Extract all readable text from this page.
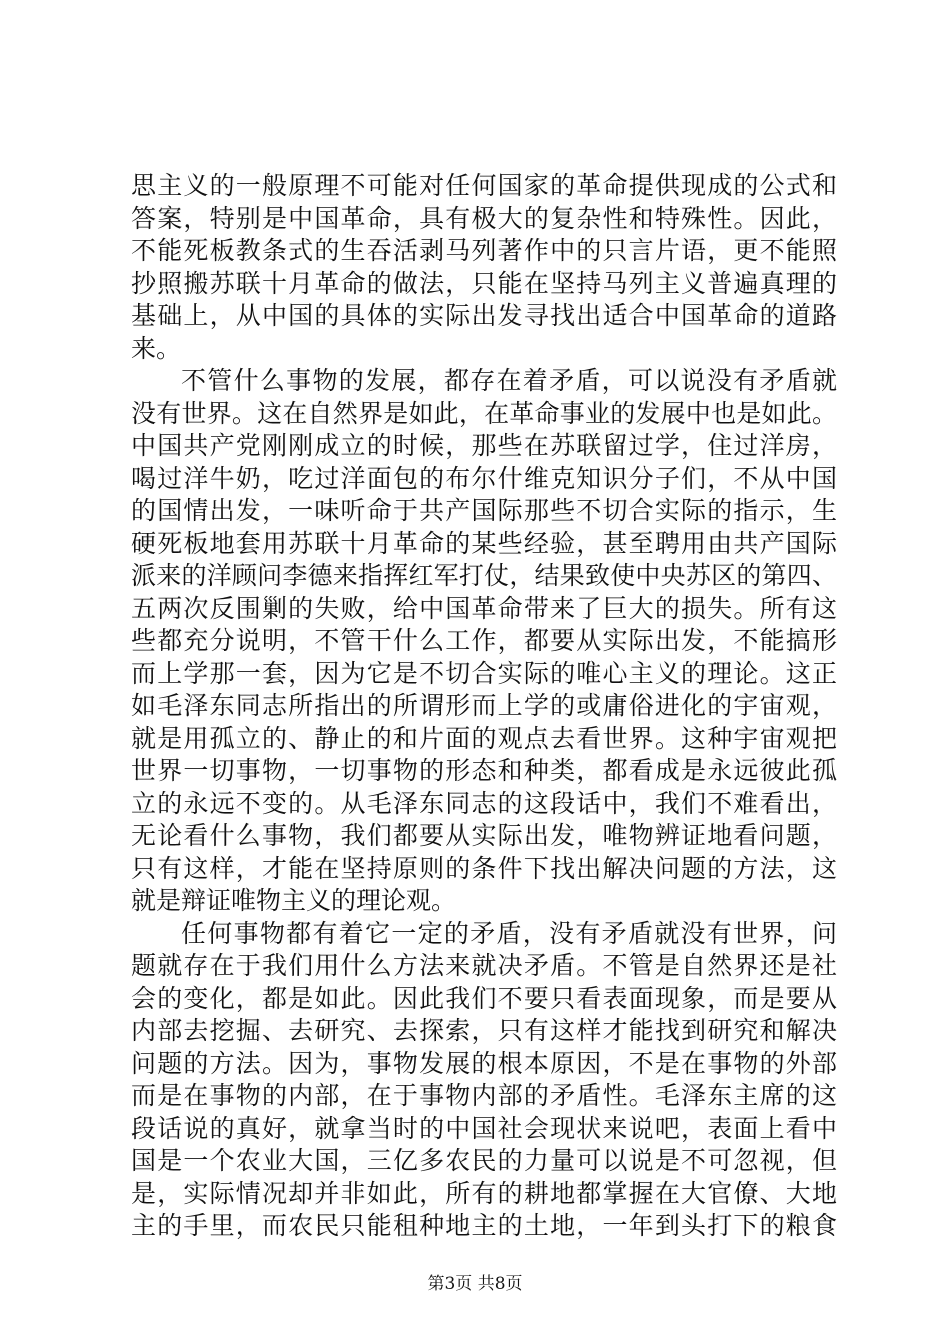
思主义的一般原理不可能对任何国家的革命提供现成的公式和
答案，特别是中国革命，具有极大的复杂性和特殊性。因此，
不能死板教条式的生吞活剥马列著作中的只言片语，更不能照
抄照搬苏联十月革命的做法，只能在坚持马列主义普遍真理的
基础上，从中国的具体的实际出发寻找出适合中国革命的道路
来。
不管什么事物的发展，都存在着矛盾，可以说没有矛盾就
没有世界。这在自然界是如此，在革命事业的发展中也是如此。
中国共产党刚刚成立的时候，那些在苏联留过学，住过洋房，
喝过洋牛奶，吃过洋面包的布尔什维克知识分子们，不从中国
的国情出发，一味听命于共产国际那些不切合实际的指示，生
硬死板地套用苏联十月革命的某些经验，甚至聘用由共产国际
派来的洋顾问李德来指挥红军打仗，结果致使中央苏区的第四、
五两次反围剿的失败，给中国革命带来了巨大的损失。所有这
些都充分说明，不管干什么工作，都要从实际出发，不能搞形
而上学那一套，因为它是不切合实际的唯心主义的理论。这正
如毛泽东同志所指出的所谓形而上学的或庸俗进化的宇宙观，
就是用孤立的、静止的和片面的观点去看世界。这种宇宙观把
世界一切事物，一切事物的形态和种类，都看成是永远彼此孤
立的永远不变的。从毛泽东同志的这段话中，我们不难看出，
无论看什么事物，我们都要从实际出发，唯物辨证地看问题，
只有这样，才能在坚持原则的条件下找出解决问题的方法，这
就是辩证唯物主义的理论观。
任何事物都有着它一定的矛盾，没有矛盾就没有世界，问
题就存在于我们用什么方法来就决矛盾。不管是自然界还是社
会的变化，都是如此。因此我们不要只看表面现象，而是要从
内部去挖掘、去研究、去探索，只有这样才能找到研究和解决
问题的方法。因为，事物发展的根本原因，不是在事物的外部
而是在事物的内部，在于事物内部的矛盾性。毛泽东主席的这
段话说的真好，就拿当时的中国社会现状来说吧，表面上看中
国是一个农业大国，三亿多农民的力量可以说是不可忽视，但
是，实际情况却并非如此，所有的耕地都掌握在大官僚、大地
主的手里，而农民只能租种地主的土地，一年到头打下的粮食
第3页 共8页
